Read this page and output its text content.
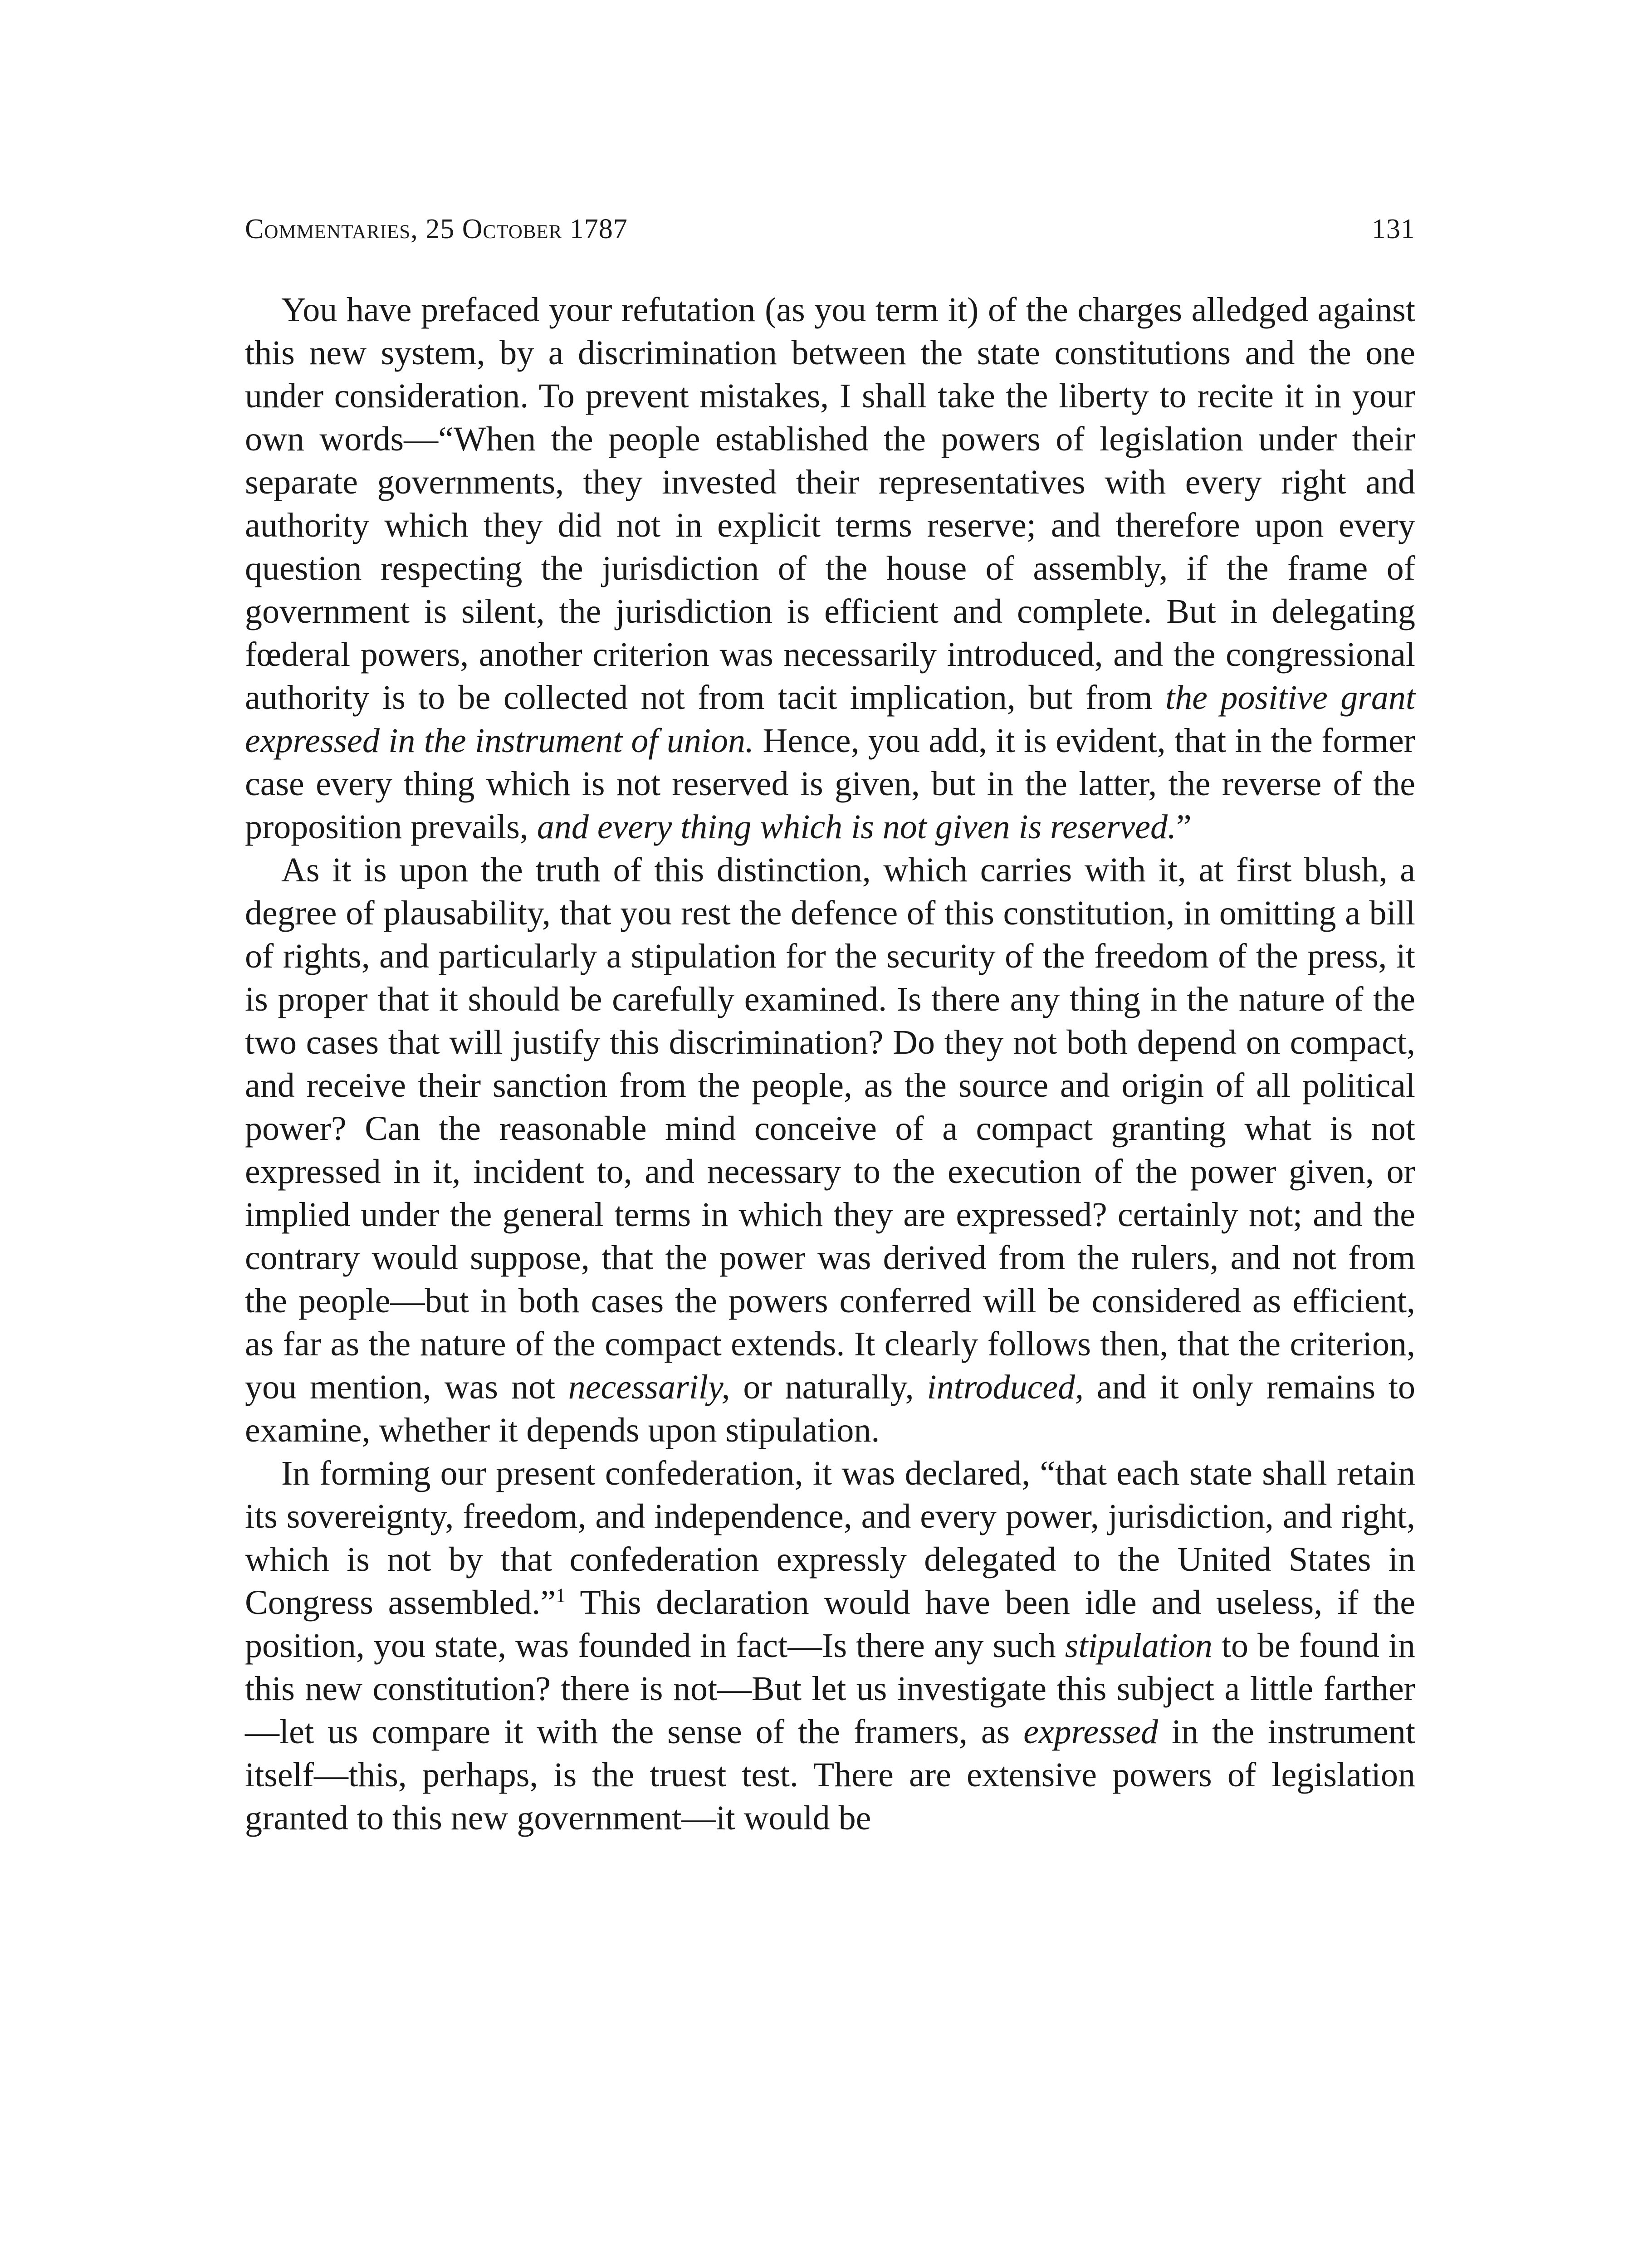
Commentaries, 25 October 1787	131

You have prefaced your refutation (as you term it) of the charges alledged against this new system, by a discrimination between the state constitutions and the one under consideration. To prevent mistakes, I shall take the liberty to recite it in your own words—“When the people established the powers of legislation under their separate governments, they invested their representatives with every right and authority which they did not in explicit terms reserve; and therefore upon every question respecting the jurisdiction of the house of assembly, if the frame of government is silent, the jurisdiction is efficient and complete. But in delegating fœderal powers, another criterion was necessarily introduced, and the congressional authority is to be collected not from tacit implication, but from the positive grant expressed in the instrument of union. Hence, you add, it is evident, that in the former case every thing which is not reserved is given, but in the latter, the reverse of the proposition prevails, and every thing which is not given is reserved.”

As it is upon the truth of this distinction, which carries with it, at first blush, a degree of plausability, that you rest the defence of this constitution, in omitting a bill of rights, and particularly a stipulation for the security of the freedom of the press, it is proper that it should be carefully examined. Is there any thing in the nature of the two cases that will justify this discrimination? Do they not both depend on compact, and receive their sanction from the people, as the source and origin of all political power? Can the reasonable mind conceive of a compact granting what is not expressed in it, incident to, and necessary to the execution of the power given, or implied under the general terms in which they are expressed? certainly not; and the contrary would suppose, that the power was derived from the rulers, and not from the people—but in both cases the powers conferred will be considered as efficient, as far as the nature of the compact extends. It clearly follows then, that the criterion, you mention, was not necessarily, or naturally, introduced, and it only remains to examine, whether it depends upon stipulation.

In forming our present confederation, it was declared, “that each state shall retain its sovereignty, freedom, and independence, and every power, jurisdiction, and right, which is not by that confederation expressly delegated to the United States in Congress assembled.”$^1$ This declaration would have been idle and useless, if the position, you state, was founded in fact—Is there any such stipulation to be found in this new constitution? there is not—But let us investigate this subject a little farther—let us compare it with the sense of the framers, as expressed in the instrument itself—this, perhaps, is the truest test. There are extensive powers of legislation granted to this new government—it would be
